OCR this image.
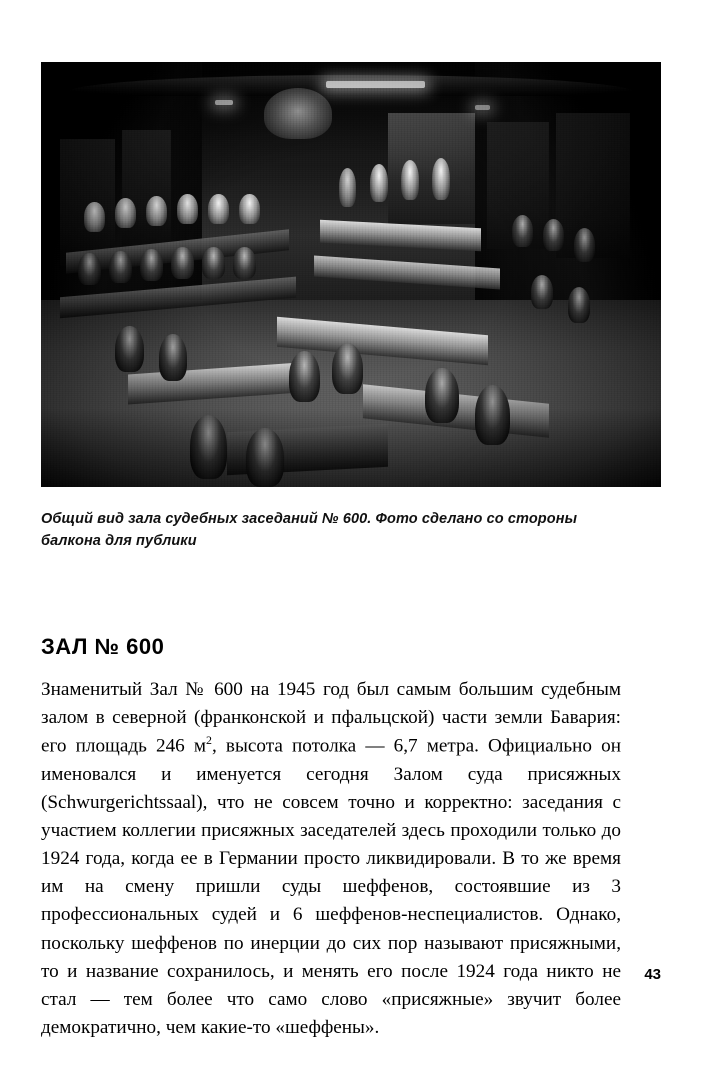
Общий вид зала судебных заседаний № 600. Фото сделано со стороны балкона для публики
ЗАЛ № 600

Знаменитый Зал № 600 на 1945 год был самым большим судебным залом в северной (франконской и пфальцской) части земли Бавария: его площадь 246 $м^2$, высота потолка — 6,7 метра. Официально он именовался и именуется сегодня Залом суда присяжных (Schwurgerichtssaal), что не совсем точно и корректно: заседания с участием коллегии присяжных заседателей здесь проходили только до 1924 года, когда ее в Германии просто ликвидировали. В то же время им на смену пришли суды шеффенов, состоявшие из 3 профессиональных судей и 6 шеффенов-неспециалистов. Однако, поскольку шеффенов по инерции до сих пор называют присяжными, то и название сохранилось, и менять его после 1924 года никто не стал — тем более что само слово «присяжные» звучит более демократично, чем какие-то «шеффены».

43
